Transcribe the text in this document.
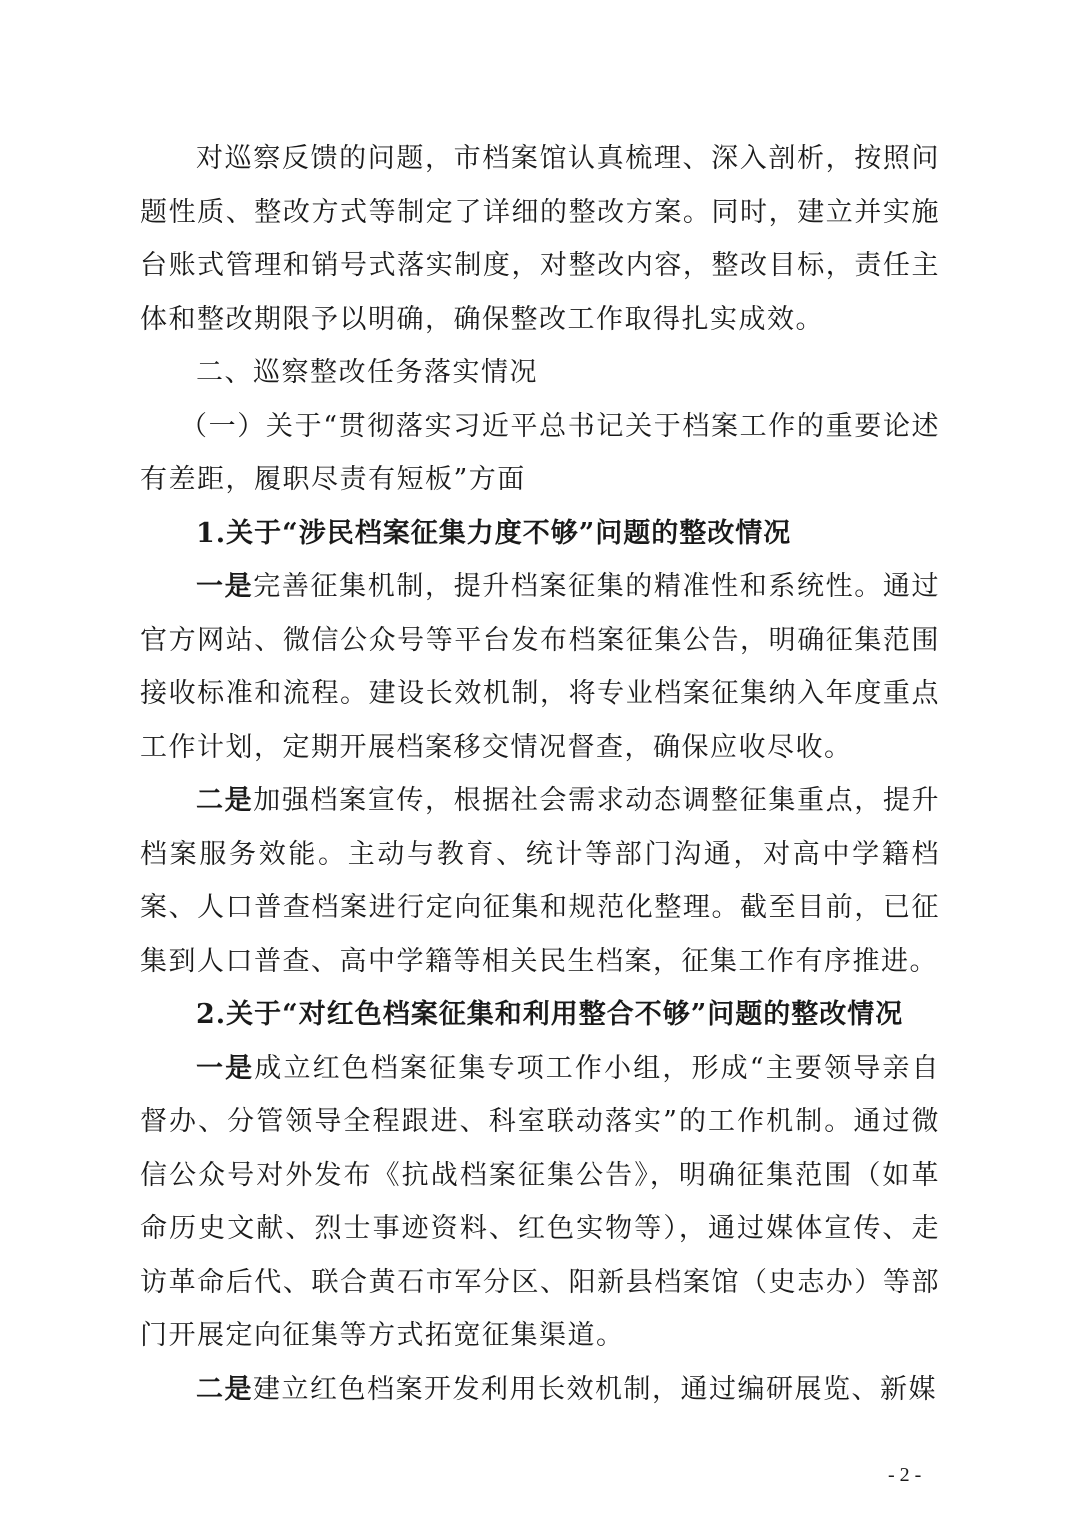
对巡察反馈的问题，市档案馆认真梳理、深入剖析，按照问题性质、整改方式等制定了详细的整改方案。同时，建立并实施台账式管理和销号式落实制度，对整改内容，整改目标，责任主体和整改期限予以明确，确保整改工作取得扎实成效。

二、巡察整改任务落实情况

（一）关于“贯彻落实习近平总书记关于档案工作的重要论述有差距，履职尽责有短板”方面

1.关于“涉民档案征集力度不够”问题的整改情况

一是完善征集机制，提升档案征集的精准性和系统性。通过官方网站、微信公众号等平台发布档案征集公告，明确征集范围接收标准和流程。建设长效机制，将专业档案征集纳入年度重点工作计划，定期开展档案移交情况督查，确保应收尽收。

二是加强档案宣传，根据社会需求动态调整征集重点，提升档案服务效能。主动与教育、统计等部门沟通，对高中学籍档案、人口普查档案进行定向征集和规范化整理。截至目前，已征集到人口普查、高中学籍等相关民生档案，征集工作有序推进。

2.关于“对红色档案征集和利用整合不够”问题的整改情况

一是成立红色档案征集专项工作小组，形成“主要领导亲自督办、分管领导全程跟进、科室联动落实”的工作机制。通过微信公众号对外发布《抗战档案征集公告》，明确征集范围（如革命历史文献、烈士事迹资料、红色实物等），通过媒体宣传、走访革命后代、联合黄石市军分区、阳新县档案馆（史志办）等部门开展定向征集等方式拓宽征集渠道。

二是建立红色档案开发利用长效机制，通过编研展览、新媒

- 2 -
